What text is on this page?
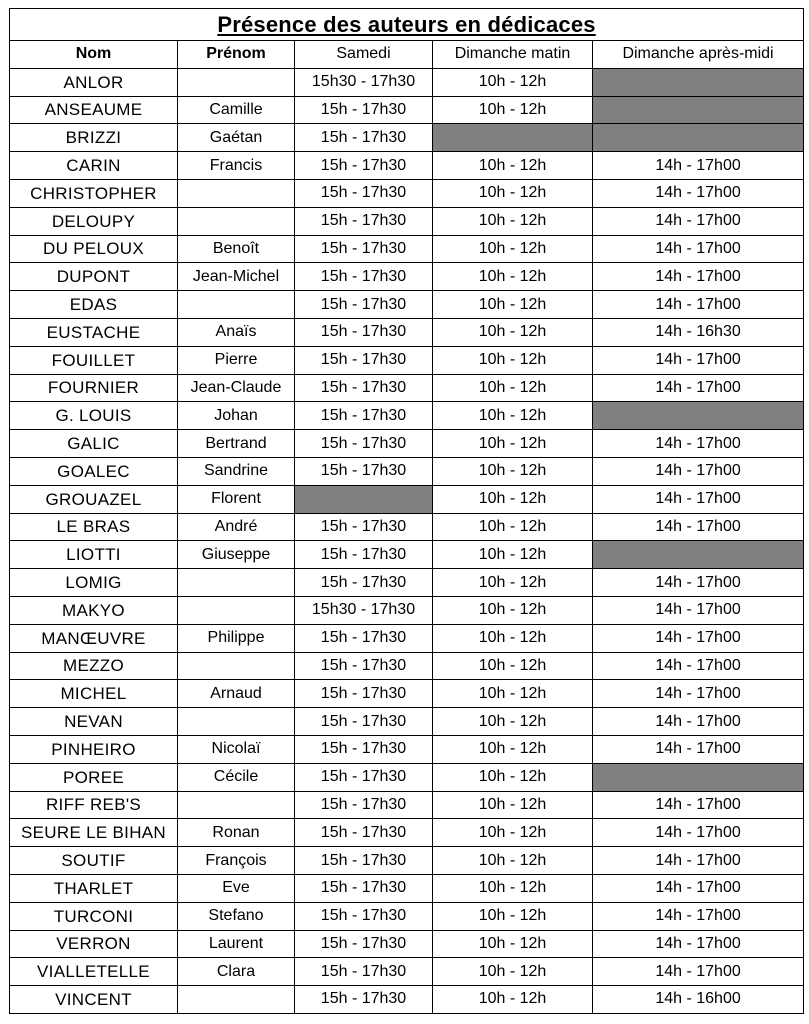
Présence des auteurs en dédicaces				
Nom	Prénom	Samedi	Dimanche matin	Dimanche après-midi
ANLOR		15h30 - 17h30	10h - 12h	
ANSEAUME	Camille	15h - 17h30	10h - 12h	
BRIZZI	Gaétan	15h - 17h30		
CARIN	Francis	15h - 17h30	10h - 12h	14h - 17h00
CHRISTOPHER		15h - 17h30	10h - 12h	14h - 17h00
DELOUPY		15h - 17h30	10h - 12h	14h - 17h00
DU PELOUX	Benoît	15h - 17h30	10h - 12h	14h - 17h00
DUPONT	Jean-Michel	15h - 17h30	10h - 12h	14h - 17h00
EDAS		15h - 17h30	10h - 12h	14h - 17h00
EUSTACHE	Anaïs	15h - 17h30	10h - 12h	14h - 16h30
FOUILLET	Pierre	15h - 17h30	10h - 12h	14h - 17h00
FOURNIER	Jean-Claude	15h - 17h30	10h - 12h	14h - 17h00
G. LOUIS	Johan	15h - 17h30	10h - 12h	
GALIC	Bertrand	15h - 17h30	10h - 12h	14h - 17h00
GOALEC	Sandrine	15h - 17h30	10h - 12h	14h - 17h00
GROUAZEL	Florent		10h - 12h	14h - 17h00
LE BRAS	André	15h - 17h30	10h - 12h	14h - 17h00
LIOTTI	Giuseppe	15h - 17h30	10h - 12h	
LOMIG		15h - 17h30	10h - 12h	14h - 17h00
MAKYO		15h30 - 17h30	10h - 12h	14h - 17h00
MANŒUVRE	Philippe	15h - 17h30	10h - 12h	14h - 17h00
MEZZO		15h - 17h30	10h - 12h	14h - 17h00
MICHEL	Arnaud	15h - 17h30	10h - 12h	14h - 17h00
NEVAN		15h - 17h30	10h - 12h	14h - 17h00
PINHEIRO	Nicolaï	15h - 17h30	10h - 12h	14h - 17h00
POREE	Cécile	15h - 17h30	10h - 12h	
RIFF REB'S		15h - 17h30	10h - 12h	14h - 17h00
SEURE LE BIHAN	Ronan	15h - 17h30	10h - 12h	14h - 17h00
SOUTIF	François	15h - 17h30	10h - 12h	14h - 17h00
THARLET	Eve	15h - 17h30	10h - 12h	14h - 17h00
TURCONI	Stefano	15h - 17h30	10h - 12h	14h - 17h00
VERRON	Laurent	15h - 17h30	10h - 12h	14h - 17h00
VIALLETELLE	Clara	15h - 17h30	10h - 12h	14h - 17h00
VINCENT		15h - 17h30	10h - 12h	14h - 16h00
